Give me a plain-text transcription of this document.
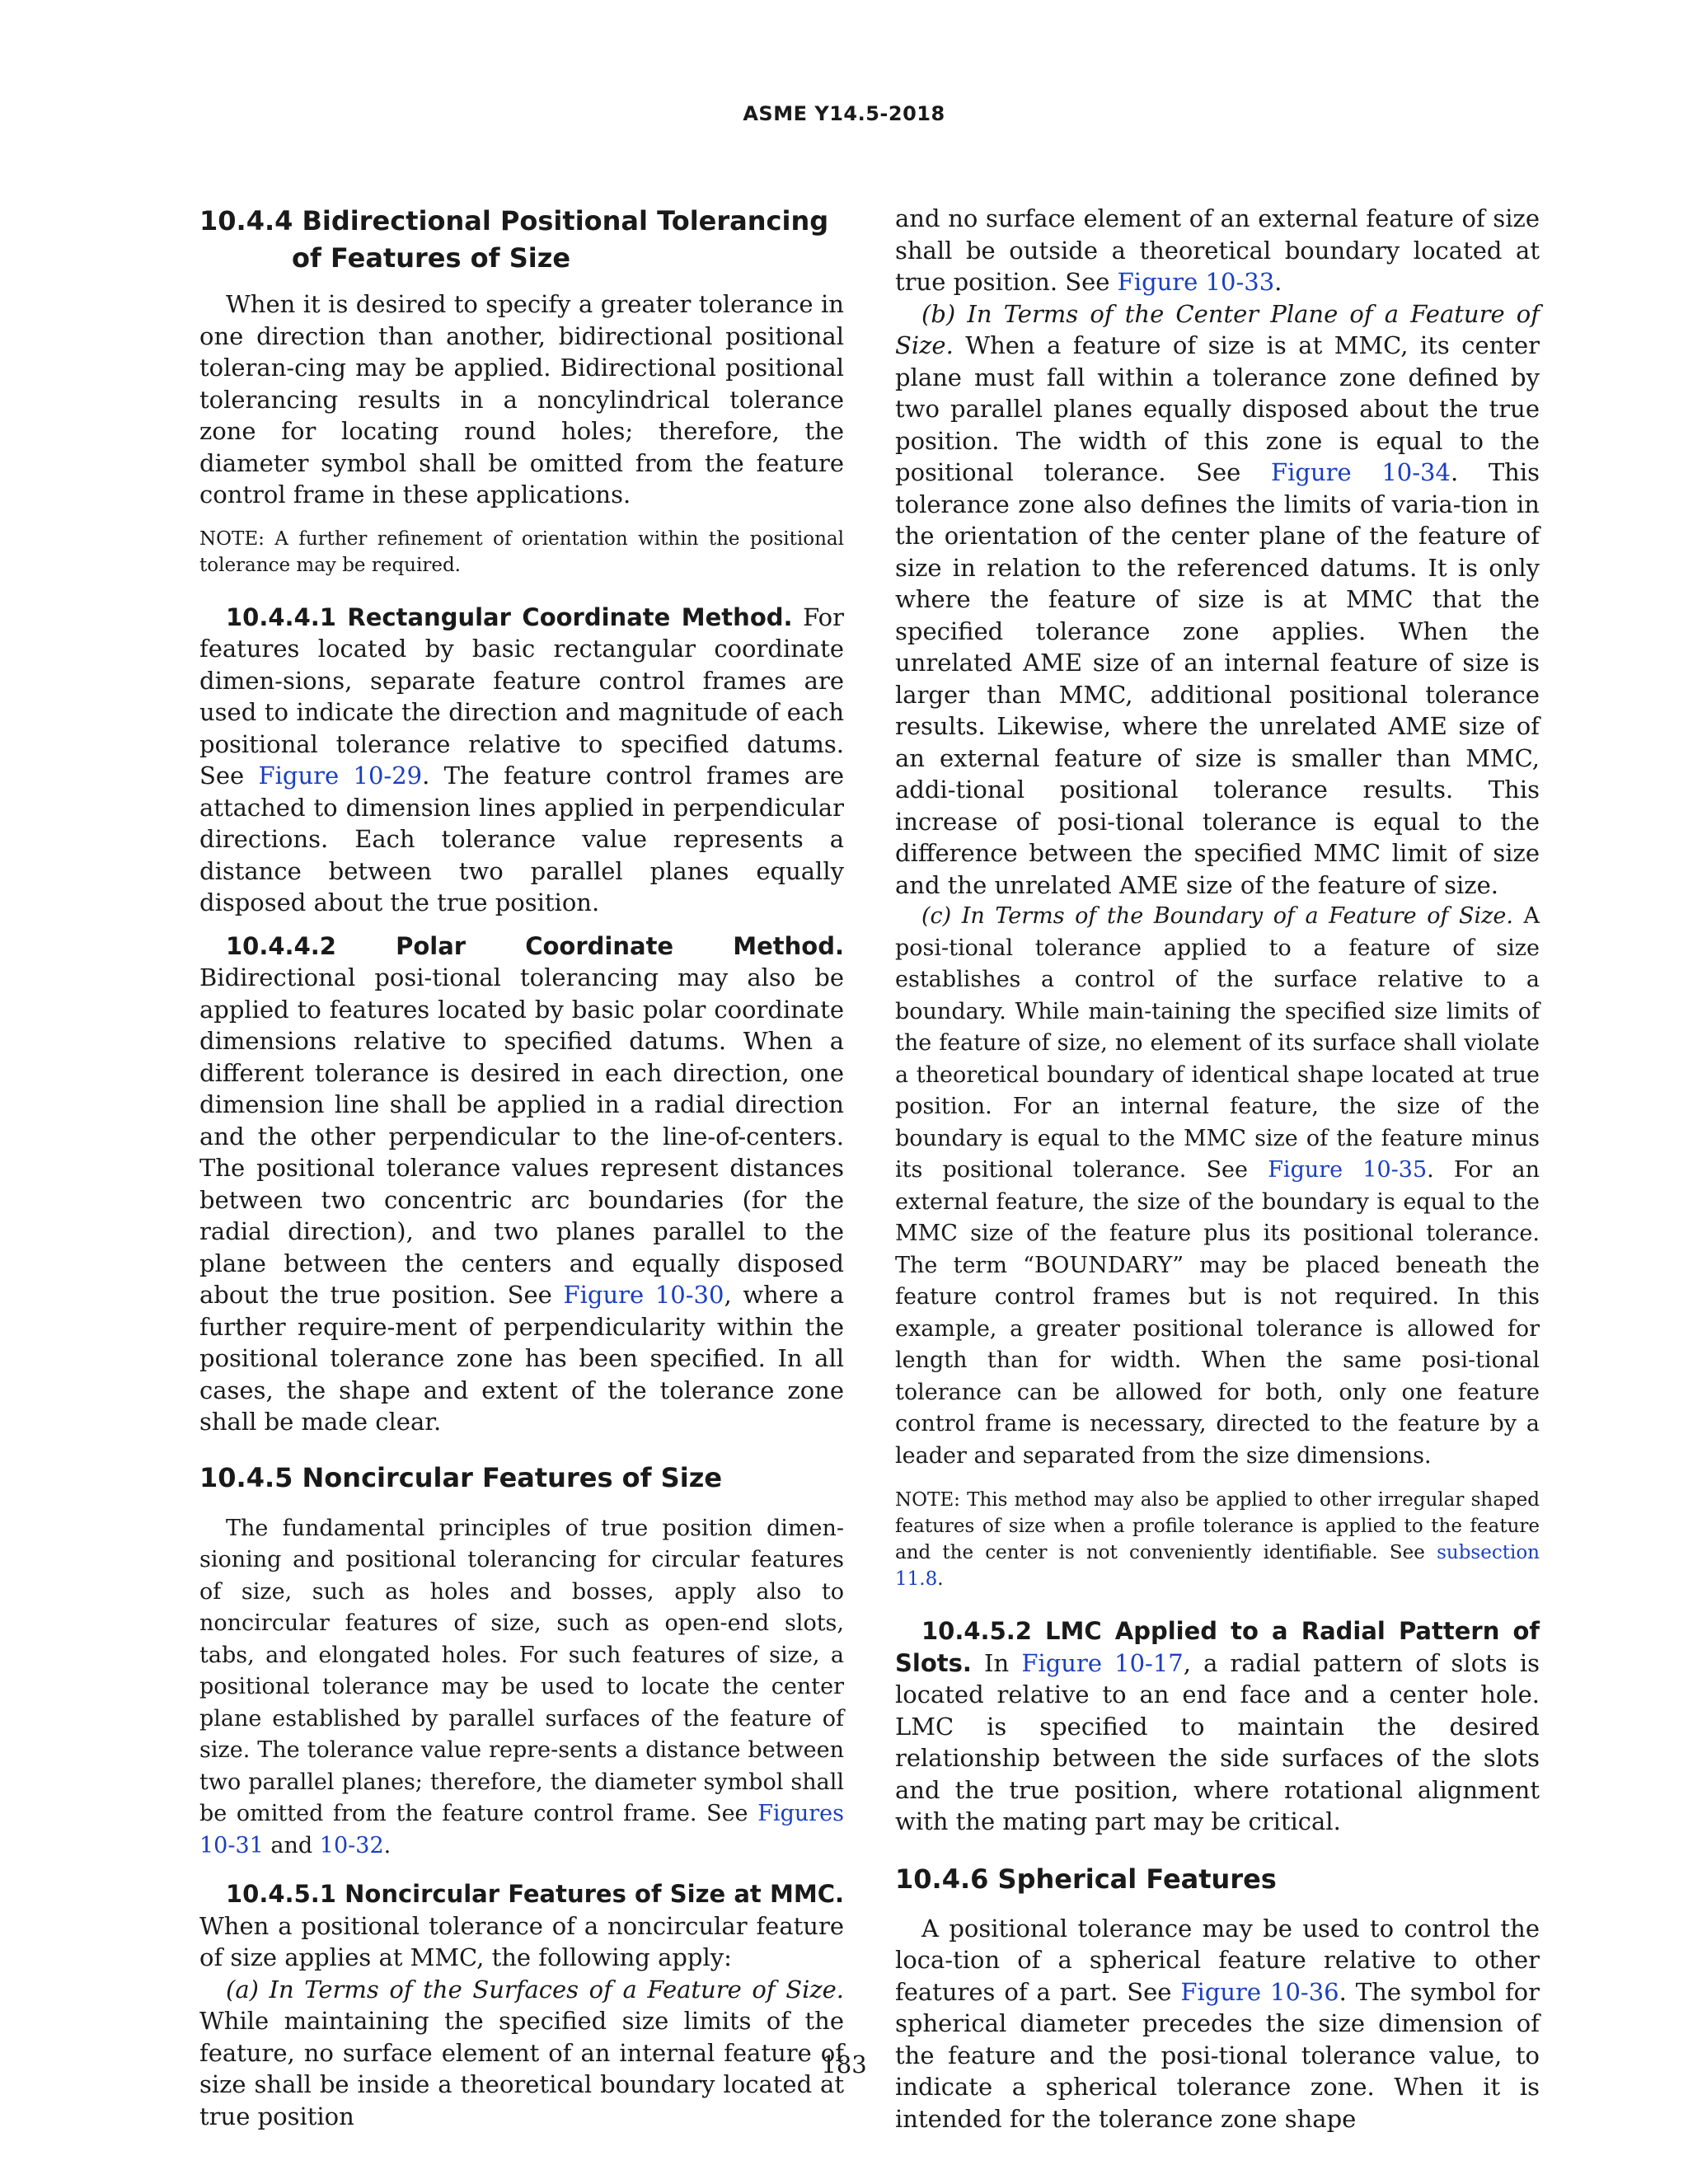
ASME Y14.5-2018
10.4.4 Bidirectional Positional Tolerancing
of Features of Size

When it is desired to specify a greater tolerance in one direction than another, bidirectional positional toleran-cing may be applied. Bidirectional positional tolerancing results in a noncylindrical tolerance zone for locating round holes; therefore, the diameter symbol shall be omitted from the feature control frame in these applications.

NOTE: A further refinement of orientation within the positional tolerance may be required.

10.4.4.1 Rectangular Coordinate Method. For features located by basic rectangular coordinate dimen-sions, separate feature control frames are used to indicate the direction and magnitude of each positional tolerance relative to specified datums. See Figure 10-29. The feature control frames are attached to dimension lines applied in perpendicular directions. Each tolerance value represents a distance between two parallel planes equally disposed about the true position.

10.4.4.2 Polar Coordinate Method. Bidirectional posi-tional tolerancing may also be applied to features located by basic polar coordinate dimensions relative to specified datums. When a different tolerance is desired in each direction, one dimension line shall be applied in a radial direction and the other perpendicular to the line-of-centers. The positional tolerance values represent distances between two concentric arc boundaries (for the radial direction), and two planes parallel to the plane between the centers and equally disposed about the true position. See Figure 10-30, where a further require-ment of perpendicularity within the positional tolerance zone has been specified. In all cases, the shape and extent of the tolerance zone shall be made clear.

10.4.5 Noncircular Features of Size

The fundamental principles of true position dimen-sioning and positional tolerancing for circular features of size, such as holes and bosses, apply also to noncircular features of size, such as open-end slots, tabs, and elongated holes. For such features of size, a positional tolerance may be used to locate the center plane established by parallel surfaces of the feature of size. The tolerance value repre-sents a distance between two parallel planes; therefore, the diameter symbol shall be omitted from the feature control frame. See Figures 10-31 and 10-32.

10.4.5.1 Noncircular Features of Size at MMC. When a positional tolerance of a noncircular feature of size applies at MMC, the following apply:

(a) In Terms of the Surfaces of a Feature of Size. While maintaining the specified size limits of the feature, no surface element of an internal feature of size shall be inside a theoretical boundary located at true position

and no surface element of an external feature of size shall be outside a theoretical boundary located at true position. See Figure 10-33.

(b) In Terms of the Center Plane of a Feature of Size. When a feature of size is at MMC, its center plane must fall within a tolerance zone defined by two parallel planes equally disposed about the true position. The width of this zone is equal to the positional tolerance. See Figure 10-34. This tolerance zone also defines the limits of varia-tion in the orientation of the center plane of the feature of size in relation to the referenced datums. It is only where the feature of size is at MMC that the specified tolerance zone applies. When the unrelated AME size of an internal feature of size is larger than MMC, additional positional tolerance results. Likewise, where the unrelated AME size of an external feature of size is smaller than MMC, addi-tional positional tolerance results. This increase of posi-tional tolerance is equal to the difference between the specified MMC limit of size and the unrelated AME size of the feature of size.

(c) In Terms of the Boundary of a Feature of Size. A posi-tional tolerance applied to a feature of size establishes a control of the surface relative to a boundary. While main-taining the specified size limits of the feature of size, no element of its surface shall violate a theoretical boundary of identical shape located at true position. For an internal feature, the size of the boundary is equal to the MMC size of the feature minus its positional tolerance. See Figure 10-35. For an external feature, the size of the boundary is equal to the MMC size of the feature plus its positional tolerance. The term “BOUNDARY” may be placed beneath the feature control frames but is not required. In this example, a greater positional tolerance is allowed for length than for width. When the same posi-tional tolerance can be allowed for both, only one feature control frame is necessary, directed to the feature by a leader and separated from the size dimensions.

NOTE: This method may also be applied to other irregular shaped features of size when a profile tolerance is applied to the feature and the center is not conveniently identifiable. See subsection 11.8.

10.4.5.2 LMC Applied to a Radial Pattern of Slots. In Figure 10-17, a radial pattern of slots is located relative to an end face and a center hole. LMC is specified to maintain the desired relationship between the side surfaces of the slots and the true position, where rotational alignment with the mating part may be critical.

10.4.6 Spherical Features

A positional tolerance may be used to control the loca-tion of a spherical feature relative to other features of a part. See Figure 10-36. The symbol for spherical diameter precedes the size dimension of the feature and the posi-tional tolerance value, to indicate a spherical tolerance zone. When it is intended for the tolerance zone shape

183
